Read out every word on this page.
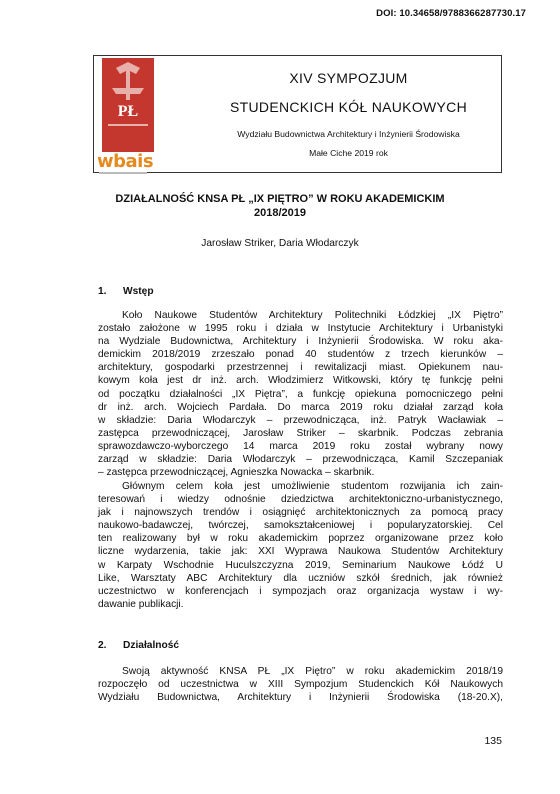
DOI: 10.34658/9788366287730.17
PŁ
wbais
XIV SYMPOZJUM
STUDENCKICH KÓŁ NAUKOWYCH
Wydziału Budownictwa Architektury i Inżynierii Środowiska
Małe Ciche 2019 rok
DZIAŁALNOŚĆ KNSA PŁ „IX PIĘTRO” W ROKU AKADEMICKIM
2018/2019
Jarosław Striker, Daria Włodarczyk
1. Wstęp
Koło Naukowe Studentów Architektury Politechniki Łódzkiej „IX Piętro”
zostało założone w 1995 roku i działa w Instytucie Architektury i Urbanistyki
na Wydziale Budownictwa, Architektury i Inżynierii Środowiska. W roku aka-
demickim 2018/2019 zrzeszało ponad 40 studentów z trzech kierunków –
architektury, gospodarki przestrzennej i rewitalizacji miast. Opiekunem nau-
kowym koła jest dr inż. arch. Włodzimierz Witkowski, który tę funkcję pełni
od początku działalności „IX Piętra”, a funkcję opiekuna pomocniczego pełni
dr inż. arch. Wojciech Pardała. Do marca 2019 roku działał zarząd koła
w składzie: Daria Włodarczyk – przewodnicząca, inż. Patryk Wacławiak –
zastępca przewodniczącej, Jarosław Striker – skarbnik. Podczas zebrania
sprawozdawczo-wyborczego 14 marca 2019 roku został wybrany nowy
zarząd w składzie: Daria Włodarczyk – przewodnicząca, Kamil Szczepaniak
– zastępca przewodniczącej, Agnieszka Nowacka – skarbnik.
Głównym celem koła jest umożliwienie studentom rozwijania ich zain-
teresowań i wiedzy odnośnie dziedzictwa architektoniczno-urbanistycznego,
jak i najnowszych trendów i osiągnięć architektonicznych za pomocą pracy
naukowo-badawczej, twórczej, samokształceniowej i popularyzatorskiej. Cel
ten realizowany był w roku akademickim poprzez organizowane przez koło
liczne wydarzenia, takie jak: XXI Wyprawa Naukowa Studentów Architektury
w Karpaty Wschodnie Huculszczyzna 2019, Seminarium Naukowe Łódź U
Like, Warsztaty ABC Architektury dla uczniów szkół średnich, jak również
uczestnictwo w konferencjach i sympozjach oraz organizacja wystaw i wy-
dawanie publikacji.
2. Działalność
Swoją aktywność KNSA PŁ „IX Piętro” w roku akademickim 2018/19
rozpoczęło od uczestnictwa w XIII Sympozjum Studenckich Kół Naukowych
Wydziału Budownictwa, Architektury i Inżynierii Środowiska (18-20.X),
135
